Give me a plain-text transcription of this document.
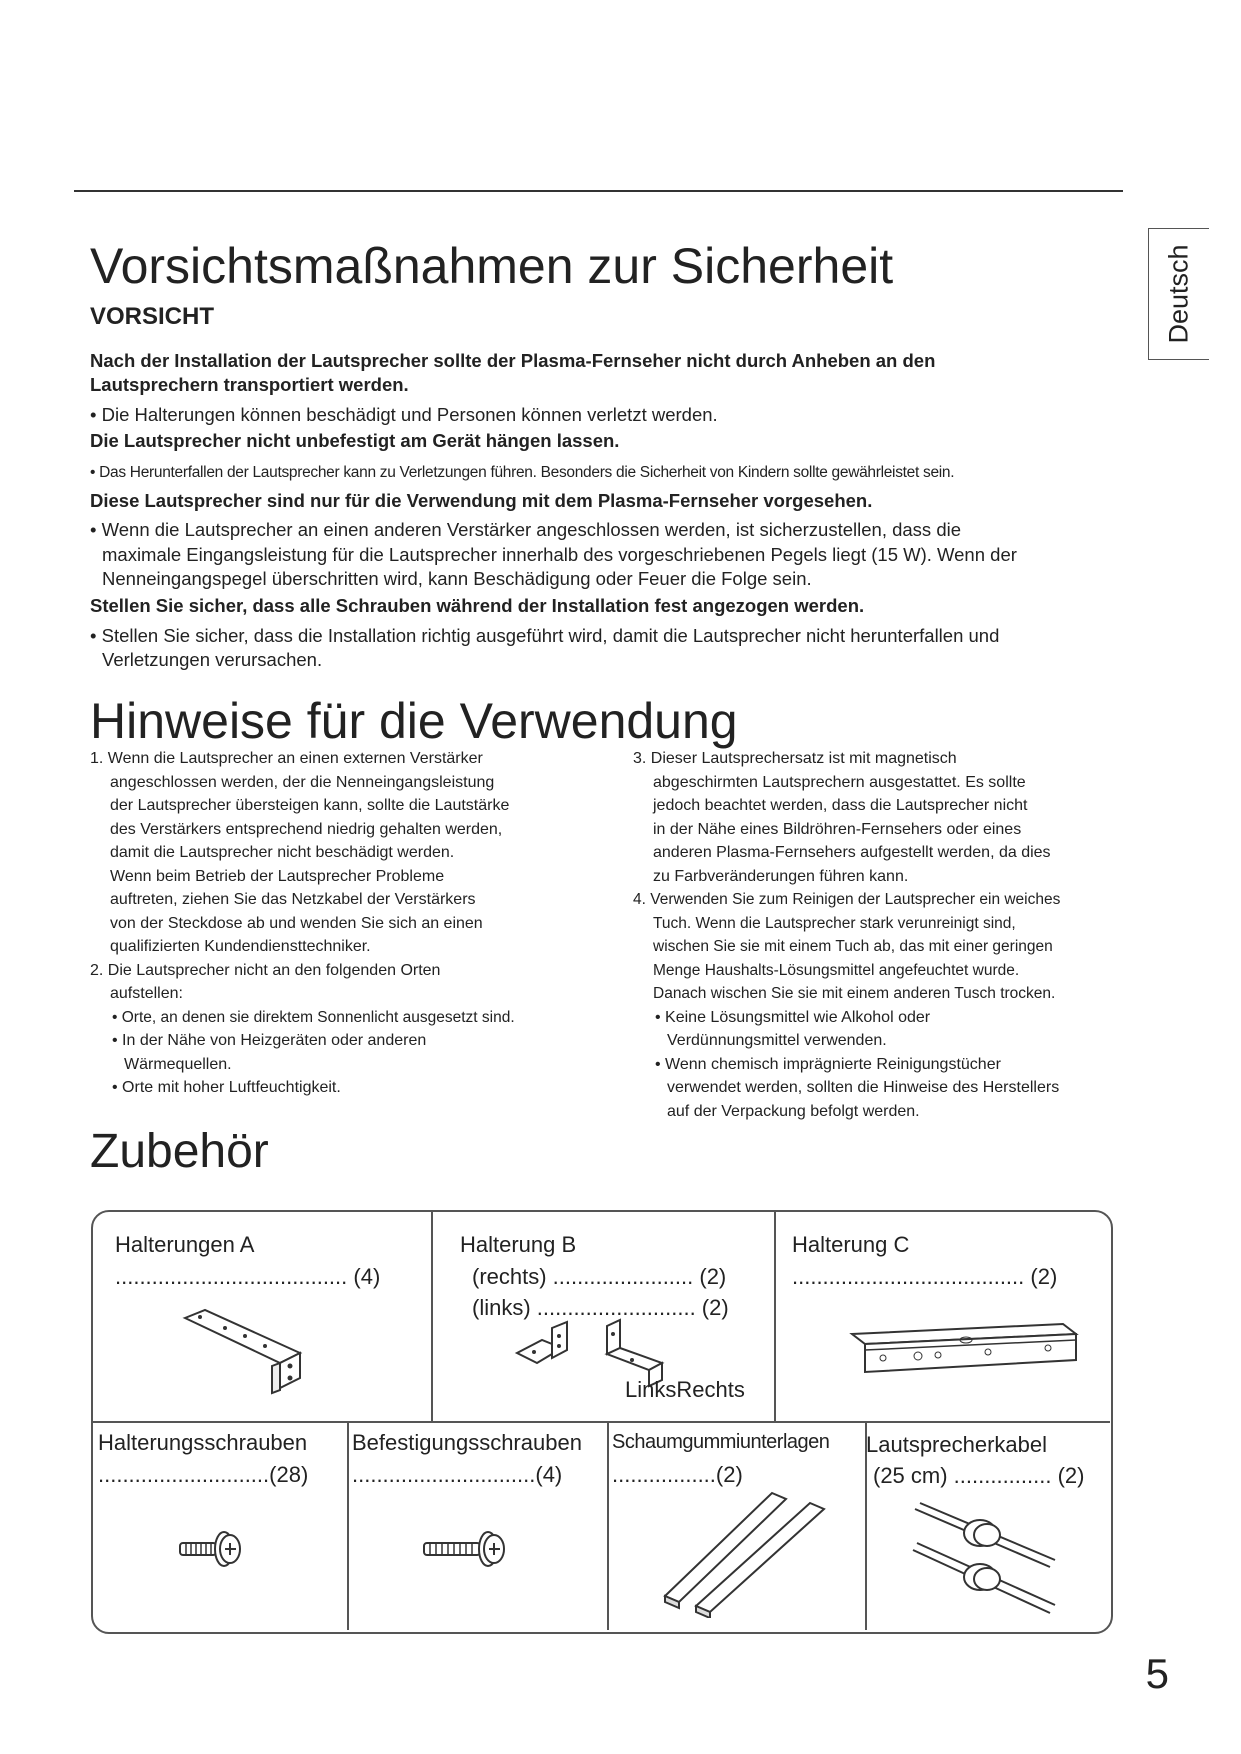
Deutsch
Vorsichtsmaßnahmen zur Sicherheit
VORSICHT
Nach der Installation der Lautsprecher sollte der Plasma-Fernseher nicht durch Anheben an den
Lautsprechern transportiert werden.
• Die Halterungen können beschädigt und Personen können verletzt werden.
Die Lautsprecher nicht unbefestigt am Gerät hängen lassen.
• Das Herunterfallen der Lautsprecher kann zu Verletzungen führen. Besonders die Sicherheit von Kindern sollte gewährleistet sein.
Diese Lautsprecher sind nur für die Verwendung mit dem Plasma-Fernseher vorgesehen.
• Wenn die Lautsprecher an einen anderen Verstärker angeschlossen werden, ist sicherzustellen, dass die
maximale Eingangsleistung für die Lautsprecher innerhalb des vorgeschriebenen Pegels liegt (15 W). Wenn der
Nenneingangspegel überschritten wird, kann Beschädigung oder Feuer die Folge sein.
Stellen Sie sicher, dass alle Schrauben während der Installation fest angezogen werden.
• Stellen Sie sicher, dass die Installation richtig ausgeführt wird, damit die Lautsprecher nicht herunterfallen und
Verletzungen verursachen.
Hinweise für die Verwendung
1. Wenn die Lautsprecher an einen externen Verstärker
angeschlossen werden, der die Nenneingangsleistung
der Lautsprecher übersteigen kann, sollte die Lautstärke
des Verstärkers entsprechend niedrig gehalten werden,
damit die Lautsprecher nicht beschädigt werden.
Wenn beim Betrieb der Lautsprecher Probleme
auftreten, ziehen Sie das Netzkabel der Verstärkers
von der Steckdose ab und wenden Sie sich an einen
qualifizierten Kundendiensttechniker.
2. Die Lautsprecher nicht an den folgenden Orten
aufstellen:
• Orte, an denen sie direktem Sonnenlicht ausgesetzt sind.
• In der Nähe von Heizgeräten oder anderen
Wärmequellen.
• Orte mit hoher Luftfeuchtigkeit.
3. Dieser Lautsprechersatz ist mit magnetisch
abgeschirmten Lautsprechern ausgestattet. Es sollte
jedoch beachtet werden, dass die Lautsprecher nicht
in der Nähe eines Bildröhren-Fernsehers oder eines
anderen Plasma-Fernsehers aufgestellt werden, da dies
zu Farbveränderungen führen kann.
4. Verwenden Sie zum Reinigen der Lautsprecher ein weiches
Tuch. Wenn die Lautsprecher stark verunreinigt sind,
wischen Sie sie mit einem Tuch ab, das mit einer geringen
Menge Haushalts-Lösungsmittel angefeuchtet wurde.
Danach wischen Sie sie mit einem anderen Tusch trocken.
• Keine Lösungsmittel wie Alkohol oder
Verdünnungsmittel verwenden.
• Wenn chemisch imprägnierte Reinigungstücher
verwendet werden, sollten die Hinweise des Herstellers
auf der Verpackung befolgt werden.
Zubehör
Halterungen A
...................................... (4)
Halterung B
(rechts) ....................... (2)
(links) .......................... (2)
LinksRechts
Halterung C
...................................... (2)
Halterungsschrauben
............................(28)
Befestigungsschrauben
..............................(4)
Schaumgummiunterlagen
.................(2)
Lautsprecherkabel
(25 cm) ................ (2)
5
